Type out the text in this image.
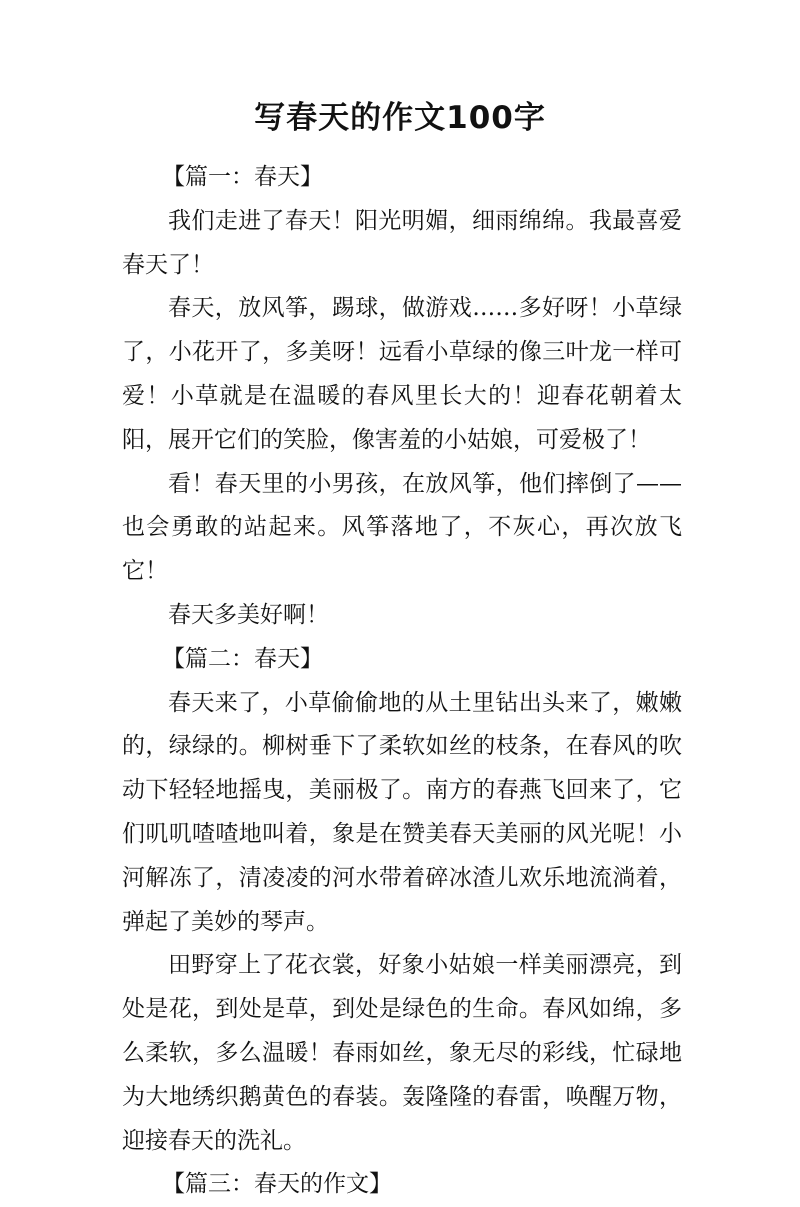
写春天的作文100字

【篇一：春天】

我们走进了春天！阳光明媚，细雨绵绵。我最喜爱春天了！

春天，放风筝，踢球，做游戏……多好呀！小草绿了，小花开了，多美呀！远看小草绿的像三叶龙一样可爱！小草就是在温暖的春风里长大的！迎春花朝着太阳，展开它们的笑脸，像害羞的小姑娘，可爱极了！

看！春天里的小男孩，在放风筝，他们摔倒了——也会勇敢的站起来。风筝落地了，不灰心，再次放飞它！

春天多美好啊！

【篇二：春天】

春天来了，小草偷偷地的从土里钻出头来了，嫩嫩的，绿绿的。柳树垂下了柔软如丝的枝条，在春风的吹动下轻轻地摇曳，美丽极了。南方的春燕飞回来了，它们叽叽喳喳地叫着，象是在赞美春天美丽的风光呢！小河解冻了，清凌凌的河水带着碎冰渣儿欢乐地流淌着，弹起了美妙的琴声。

田野穿上了花衣裳，好象小姑娘一样美丽漂亮，到处是花，到处是草，到处是绿色的生命。春风如绵，多么柔软，多么温暖！春雨如丝，象无尽的彩线，忙碌地为大地绣织鹅黄色的春装。轰隆隆的春雷，唤醒万物，迎接春天的洗礼。

【篇三：春天的作文】
